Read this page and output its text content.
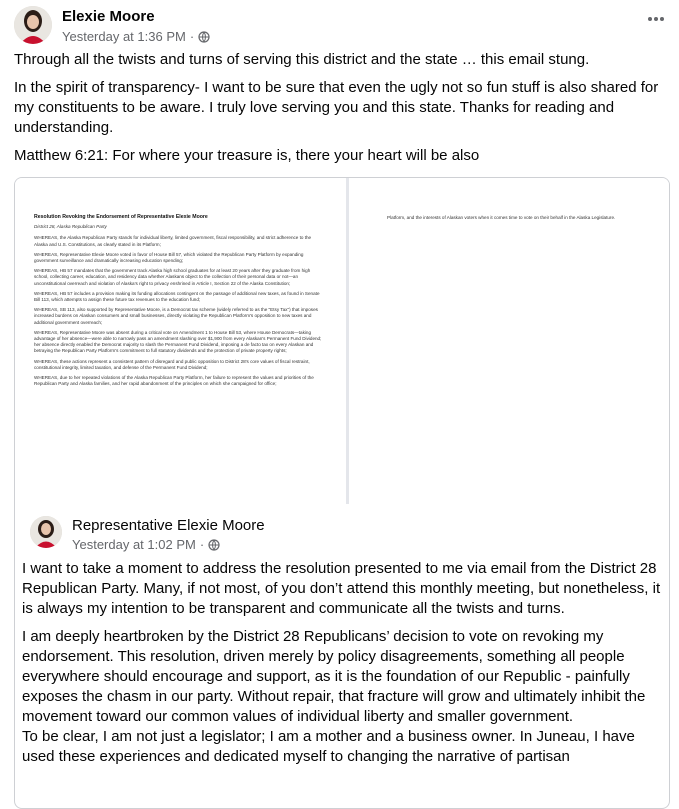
Elexie Moore
Yesterday at 1:36 PM ·

Through all the twists and turns of serving this district and the state … this email stung.

In the spirit of transparency- I want to be sure that even the ugly not so fun stuff is also shared for my constituents to be aware. I truly love serving you and this state. Thanks for reading and understanding.

Matthew 6:21: For where your treasure is, there your heart will be also

Resolution Revoking the Endorsement of Representative Elexie Moore

District 28, Alaska Republican Party

WHEREAS, the Alaska Republican Party stands for individual liberty, limited government, fiscal responsibility, and strict adherence to the Alaska and U.S. Constitutions, as clearly stated in its Platform;

WHEREAS, Representative Elexie Moore voted in favor of House Bill 57, which violated the Republican Party Platform by expanding government surveillance and dramatically increasing education spending;

WHEREAS, HB 57 mandates that the government track Alaska high school graduates for at least 20 years after they graduate from high school, collecting career, education, and residency data whether Alaskans object to the collection of their personal data or not—an unconstitutional overreach and violation of Alaska's right to privacy enshrined in Article I, Section 22 of the Alaska Constitution;

WHEREAS, HB 57 includes a provision making its funding allocations contingent on the passage of additional new taxes, as found in Senate Bill 113, which attempts to assign these future tax revenues to the education fund;

WHEREAS, SB 113, also supported by Representative Moore, is a Democrat tax scheme (widely referred to as the "Etsy Tax") that imposes increased burdens on Alaskan consumers and small businesses, directly violating the Republican Platform's opposition to new taxes and additional government overreach;

WHEREAS, Representative Moore was absent during a critical vote on Amendment 1 to House Bill 53, where House Democrats—taking advantage of her absence—were able to narrowly pass an amendment slashing over $1,900 from every Alaskan's Permanent Fund Dividend; her absence directly enabled the Democrat majority to slash the Permanent Fund Dividend, imposing a de facto tax on every Alaskan and betraying the Republican Party Platform's commitment to full statutory dividends and the protection of private property rights;

WHEREAS, these actions represent a consistent pattern of disregard and public opposition to District 28's core values of fiscal restraint, constitutional integrity, limited taxation, and defense of the Permanent Fund Dividend;

WHEREAS, due to her repeated violations of the Alaska Republican Party Platform, her failure to represent the values and priorities of the Republican Party and Alaska families, and her rapid abandonment of the principles on which she campaigned for office;

Platform, and the interests of Alaskan voters when it comes time to vote on their behalf in the Alaska Legislature.
Representative Elexie Moore
Yesterday at 1:02 PM ·

I want to take a moment to address the resolution presented to me via email from the District 28 Republican Party. Many, if not most, of you don’t attend this monthly meeting, but nonetheless, it is always my intention to be transparent and communicate all the twists and turns.

I am deeply heartbroken by the District 28 Republicans’ decision to vote on revoking my endorsement. This resolution, driven merely by policy disagreements, something all people everywhere should encourage and support, as it is the foundation of our Republic - painfully exposes the chasm in our party. Without repair, that fracture will grow and ultimately inhibit the movement toward our common values of individual liberty and smaller government.

To be clear, I am not just a legislator; I am a mother and a business owner. In Juneau, I have used these experiences and dedicated myself to changing the narrative of partisan
